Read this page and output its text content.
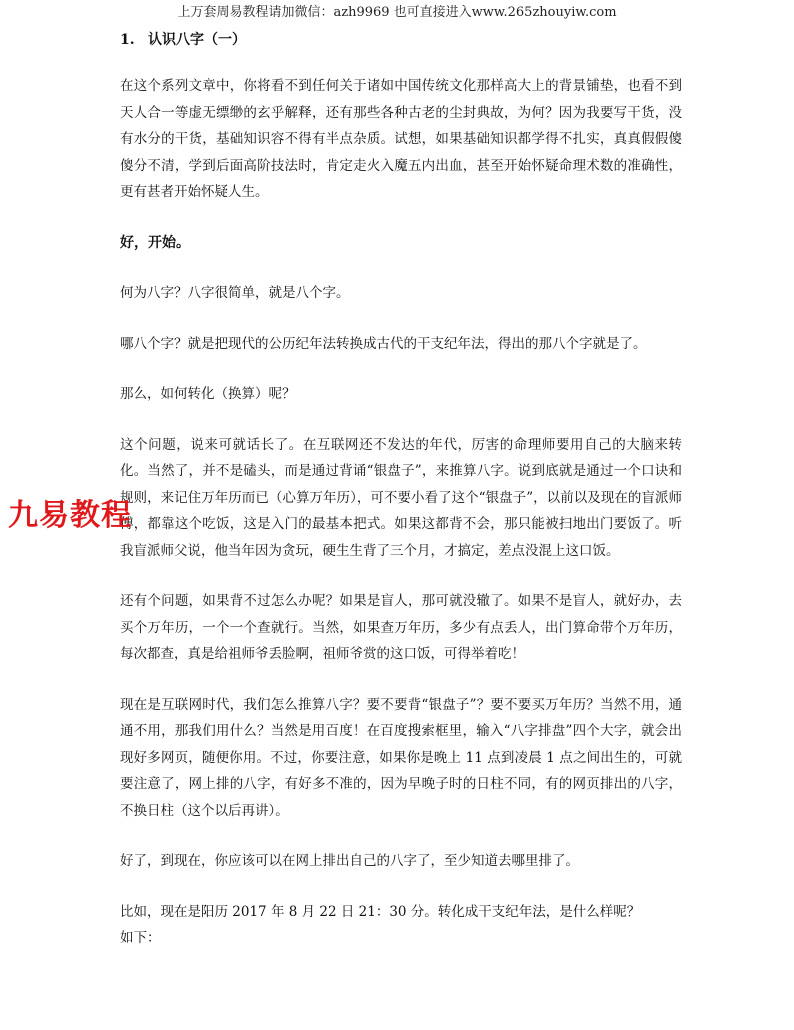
上万套周易教程请加微信：azh9969 也可直接进入www.265zhouyiw.com
1. 认识八字（一）

在这个系列文章中，你将看不到任何关于诸如中国传统文化那样高大上的背景铺垫，也看不到天人合一等虚无缥缈的玄乎解释，还有那些各种古老的尘封典故，为何？因为我要写干货，没有水分的干货，基础知识容不得有半点杂质。试想，如果基础知识都学得不扎实，真真假假傻傻分不清，学到后面高阶技法时，肯定走火入魔五内出血，甚至开始怀疑命理术数的准确性，更有甚者开始怀疑人生。

好，开始。

何为八字？八字很简单，就是八个字。

哪八个字？就是把现代的公历纪年法转换成古代的干支纪年法，得出的那八个字就是了。

那么，如何转化（换算）呢？

这个问题，说来可就话长了。在互联网还不发达的年代，厉害的命理师要用自己的大脑来转化。当然了，并不是磕头，而是通过背诵“银盘子”，来推算八字。说到底就是通过一个口诀和规则，来记住万年历而已（心算万年历），可不要小看了这个“银盘子”，以前以及现在的盲派师傅，都靠这个吃饭，这是入门的最基本把式。如果这都背不会，那只能被扫地出门要饭了。听我盲派师父说，他当年因为贪玩，硬生生背了三个月，才搞定，差点没混上这口饭。

还有个问题，如果背不过怎么办呢？如果是盲人，那可就没辙了。如果不是盲人，就好办，去买个万年历，一个一个查就行。当然，如果查万年历，多少有点丢人，出门算命带个万年历，每次都查，真是给祖师爷丢脸啊，祖师爷赏的这口饭，可得举着吃！

现在是互联网时代，我们怎么推算八字？要不要背“银盘子”？要不要买万年历？当然不用，通通不用，那我们用什么？当然是用百度！在百度搜索框里，输入“八字排盘”四个大字，就会出现好多网页，随便你用。不过，你要注意，如果你是晚上 11 点到凌晨 1 点之间出生的，可就要注意了，网上排的八字，有好多不准的，因为早晚子时的日柱不同，有的网页排出的八字，不换日柱（这个以后再讲）。

好了，到现在，你应该可以在网上排出自己的八字了，至少知道去哪里排了。

比如，现在是阳历 2017 年 8 月 22 日 21：30 分。转化成干支纪年法，是什么样呢？

如下：

九易教程
